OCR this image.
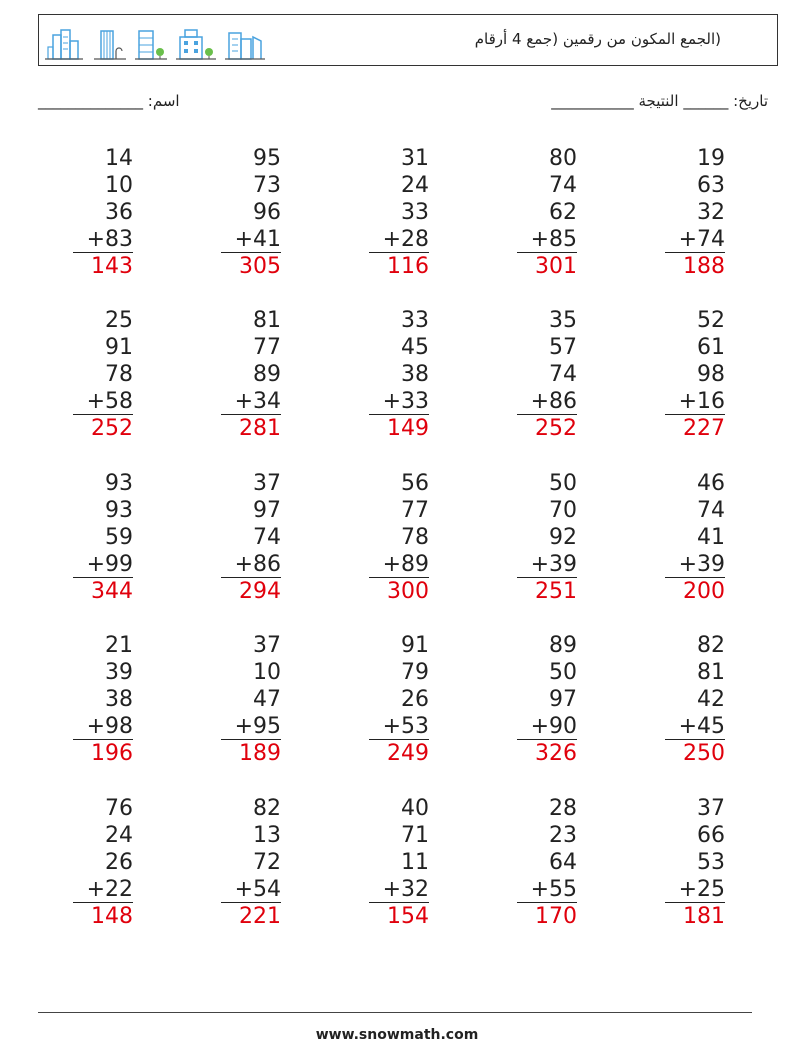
(الجمع المكون من رقمين (جمع 4 أرقام
تاريخ: ______ النتيجة ___________
اسم: ______________
14
10
36
+83
143
95
73
96
+41
305
31
24
33
+28
116
80
74
62
+85
301
19
63
32
+74
188
25
91
78
+58
252
81
77
89
+34
281
33
45
38
+33
149
35
57
74
+86
252
52
61
98
+16
227
93
93
59
+99
344
37
97
74
+86
294
56
77
78
+89
300
50
70
92
+39
251
46
74
41
+39
200
21
39
38
+98
196
37
10
47
+95
189
91
79
26
+53
249
89
50
97
+90
326
82
81
42
+45
250
76
24
26
+22
148
82
13
72
+54
221
40
71
11
+32
154
28
23
64
+55
170
37
66
53
+25
181
www.snowmath.com
